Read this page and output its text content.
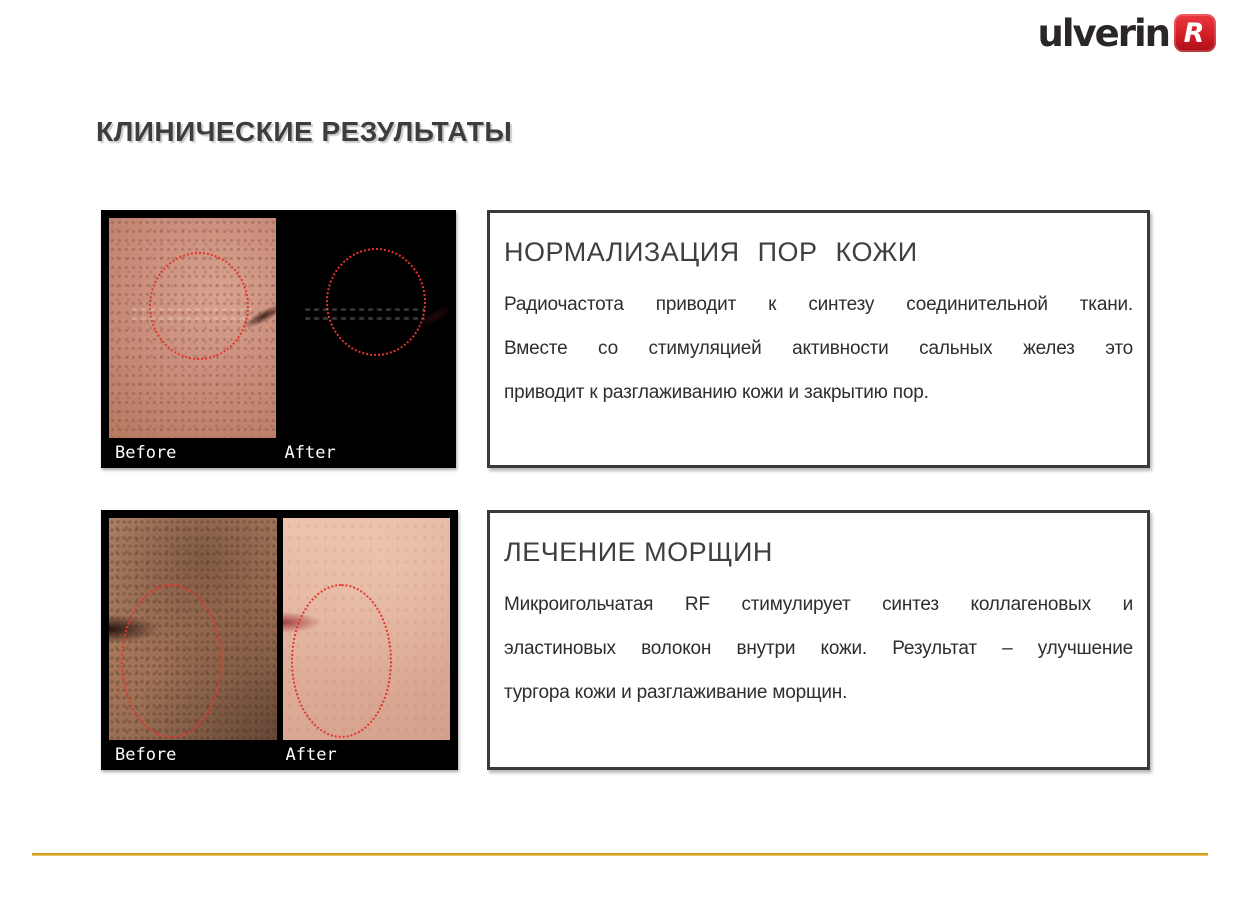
ulverin R
КЛИНИЧЕСКИЕ РЕЗУЛЬТАТЫ
Before	After
НОРМАЛИЗАЦИЯ ПОР КОЖИ
Радиочастота приводит к синтезу соединительной ткани.
Вместе со стимуляцией активности сальных желез это
приводит к разглаживанию кожи и закрытию пор.
Before	After
ЛЕЧЕНИЕ МОРЩИН
Микроигольчатая RF стимулирует синтез коллагеновых и
эластиновых волокон внутри кожи. Результат – улучшение
тургора кожи и разглаживание морщин.
